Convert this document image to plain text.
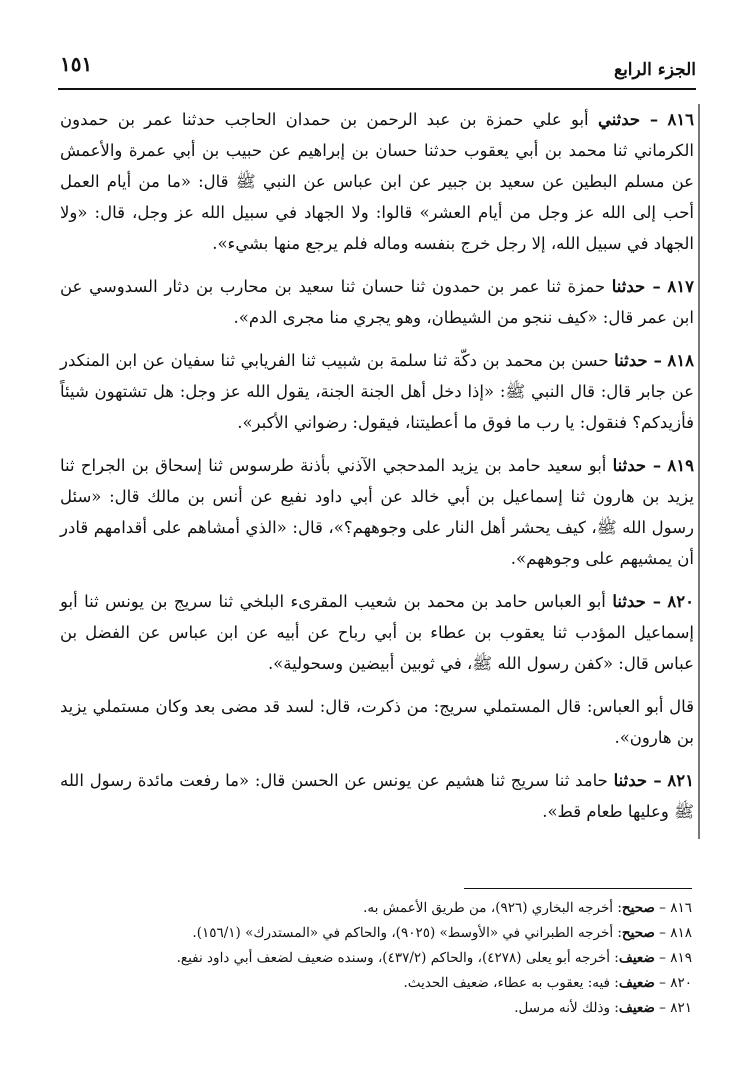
الجزء الرابع
١٥١

٨١٦ – حدثني أبو علي حمزة بن عبد الرحمن بن حمدان الحاجب حدثنا عمر بن حمدون الكرماني ثنا محمد بن أبي يعقوب حدثنا حسان بن إبراهيم عن حبيب بن أبي عمرة والأعمش عن مسلم البطين عن سعيد بن جبير عن ابن عباس عن النبي ﷺ قال: «ما من أيام العمل أحب إلى الله عز وجل من أيام العشر» قالوا: ولا الجهاد في سبيل الله عز وجل، قال: «ولا الجهاد في سبيل الله، إلا رجل خرج بنفسه وماله فلم يرجع منها بشيء».

٨١٧ – حدثنا حمزة ثنا عمر بن حمدون ثنا حسان ثنا سعيد بن محارب بن دثار السدوسي عن ابن عمر قال: «كيف ننجو من الشيطان، وهو يجري منا مجرى الدم».

٨١٨ – حدثنا حسن بن محمد بن دكّة ثنا سلمة بن شبيب ثنا الفريابي ثنا سفيان عن ابن المنكدر عن جابر قال: قال النبي ﷺ: «إذا دخل أهل الجنة الجنة، يقول الله عز وجل: هل تشتهون شيئاً فأزيدكم؟ فنقول: يا رب ما فوق ما أعطيتنا، فيقول: رضواني الأكبر».

٨١٩ – حدثنا أبو سعيد حامد بن يزيد المدحجي الآذني بأذنة طرسوس ثنا إسحاق بن الجراح ثنا يزيد بن هارون ثنا إسماعيل بن أبي خالد عن أبي داود نفيع عن أنس بن مالك قال: «سئل رسول الله ﷺ، كيف يحشر أهل النار على وجوههم؟»، قال: «الذي أمشاهم على أقدامهم قادر أن يمشيهم على وجوههم».

٨٢٠ – حدثنا أبو العباس حامد بن محمد بن شعيب المقرىء البلخي ثنا سريج بن يونس ثنا أبو إسماعيل المؤدب ثنا يعقوب بن عطاء بن أبي رباح عن أبيه عن ابن عباس عن الفضل بن عباس قال: «كفن رسول الله ﷺ، في ثوبين أبيضين وسحولية».

قال أبو العباس: قال المستملي سريج: من ذكرت، قال: لسد قد مضى بعد وكان مستملي يزيد بن هارون».

٨٢١ – حدثنا حامد ثنا سريج ثنا هشيم عن يونس عن الحسن قال: «ما رفعت مائدة رسول الله ﷺ وعليها طعام قط».

٨١٦ – صحيح: أخرجه البخاري (٩٢٦)، من طريق الأعمش به.
٨١٨ – صحيح: أخرجه الطبراني في «الأوسط» (٩٠٢٥)، والحاكم في «المستدرك» (١٥٦/١).
٨١٩ – ضعيف: أخرجه أبو يعلى (٤٢٧٨)، والحاكم (٤٣٧/٢)، وسنده ضعيف لضعف أبي داود نفيع.
٨٢٠ – ضعيف: فيه: يعقوب به عطاء، ضعيف الحديث.
٨٢١ – ضعيف: وذلك لأنه مرسل.
